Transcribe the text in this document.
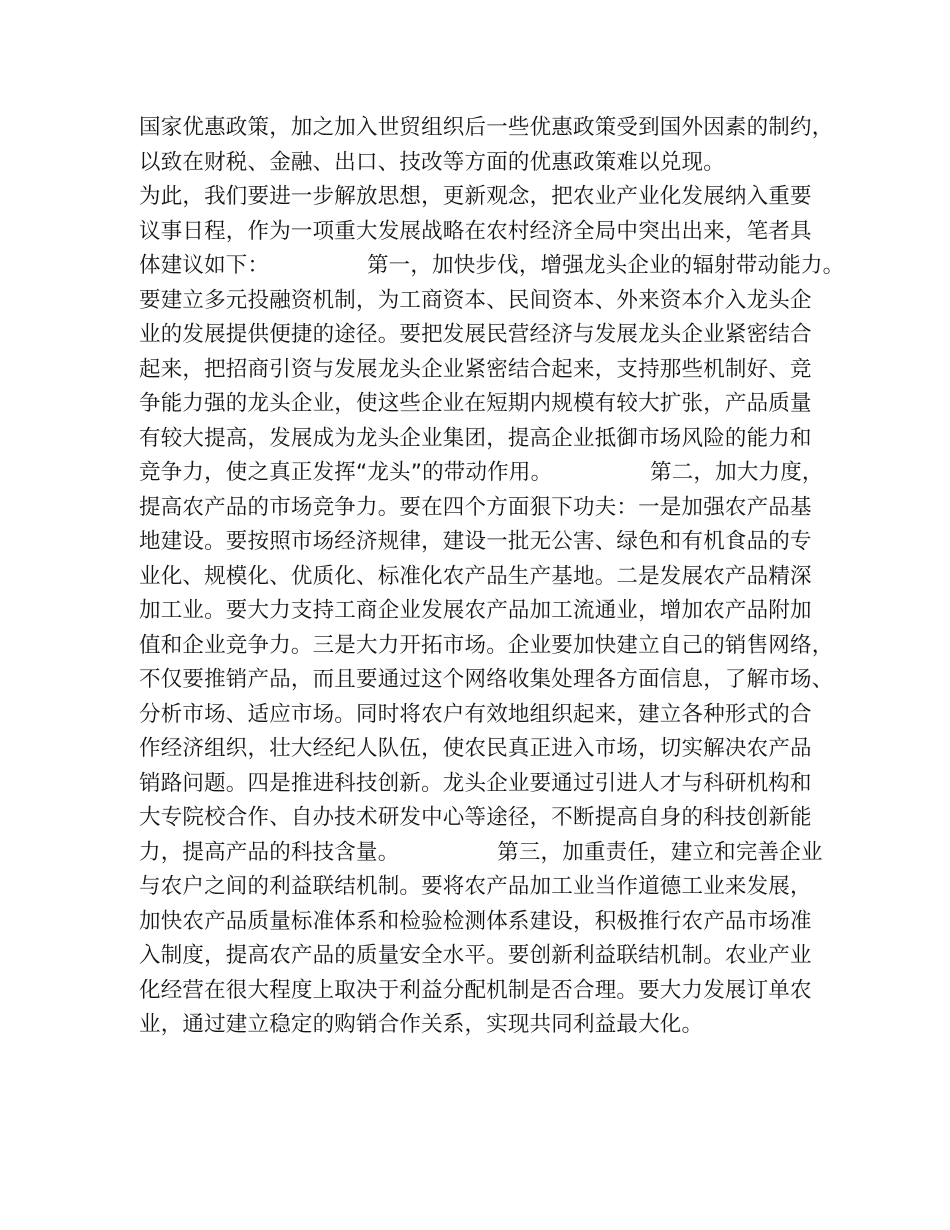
国家优惠政策，加之加入世贸组织后一些优惠政策受到国外因素的制约，
以致在财税、金融、出口、技改等方面的优惠政策难以兑现。
为此，我们要进一步解放思想，更新观念，把农业产业化发展纳入重要
议事日程，作为一项重大发展战略在农村经济全局中突出出来，笔者具
体建议如下：　　　　　第一，加快步伐，增强龙头企业的辐射带动能力。
要建立多元投融资机制，为工商资本、民间资本、外来资本介入龙头企
业的发展提供便捷的途径。要把发展民营经济与发展龙头企业紧密结合
起来，把招商引资与发展龙头企业紧密结合起来，支持那些机制好、竞
争能力强的龙头企业，使这些企业在短期内规模有较大扩张，产品质量
有较大提高，发展成为龙头企业集团，提高企业抵御市场风险的能力和
竞争力，使之真正发挥“龙头”的带动作用。　　　　　第二，加大力度，
提高农产品的市场竞争力。要在四个方面狠下功夫：一是加强农产品基
地建设。要按照市场经济规律，建设一批无公害、绿色和有机食品的专
业化、规模化、优质化、标准化农产品生产基地。二是发展农产品精深
加工业。要大力支持工商企业发展农产品加工流通业，增加农产品附加
值和企业竞争力。三是大力开拓市场。企业要加快建立自己的销售网络，
不仅要推销产品，而且要通过这个网络收集处理各方面信息，了解市场、
分析市场、适应市场。同时将农户有效地组织起来，建立各种形式的合
作经济组织，壮大经纪人队伍，使农民真正进入市场，切实解决农产品
销路问题。四是推进科技创新。龙头企业要通过引进人才与科研机构和
大专院校合作、自办技术研发中心等途径，不断提高自身的科技创新能
力，提高产品的科技含量。　　　　　第三，加重责任，建立和完善企业
与农户之间的利益联结机制。要将农产品加工业当作道德工业来发展，
加快农产品质量标准体系和检验检测体系建设，积极推行农产品市场准
入制度，提高农产品的质量安全水平。要创新利益联结机制。农业产业
化经营在很大程度上取决于利益分配机制是否合理。要大力发展订单农
业，通过建立稳定的购销合作关系，实现共同利益最大化。
